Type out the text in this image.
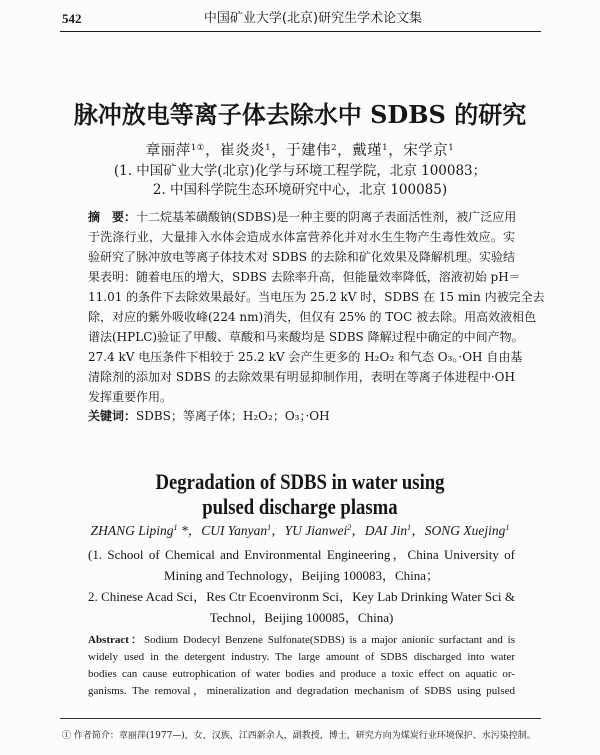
542	中国矿业大学(北京)研究生学术论文集
脉冲放电等离子体去除水中 SDBS 的研究
章丽萍$^{1①}$，崔炎炎$^1$，于建伟$^2$，戴瑾$^1$，宋学京$^1$
(1. 中国矿业大学(北京)化学与环境工程学院，北京 100083；
2. 中国科学院生态环境研究中心，北京 100085)
摘　要：十二烷基苯磺酸钠(SDBS)是一种主要的阴离子表面活性剂，被广泛应用
于洗涤行业，大量排入水体会造成水体富营养化并对水生生物产生毒性效应。实
验研究了脉冲放电等离子体技术对 SDBS 的去除和矿化效果及降解机理。实验结
果表明：随着电压的增大，SDBS 去除率升高，但能量效率降低，溶液初始 pH＝
11.01 的条件下去除效果最好。当电压为 25.2 kV 时，SDBS 在 15 min 内被完全去
除，对应的紫外吸收峰(224 nm)消失，但仅有 25% 的 TOC 被去除。用高效液相色
谱法(HPLC)验证了甲酸、草酸和马来酸均是 SDBS 降解过程中确定的中间产物。
27.4 kV 电压条件下相较于 25.2 kV 会产生更多的 H₂O₂ 和气态 O₃。·OH 自由基
清除剂的添加对 SDBS 的去除效果有明显抑制作用，表明在等离子体进程中·OH
发挥重要作用。
关键词：SDBS；等离子体；H₂O₂；O₃；·OH
Degradation of SDBS in water using
pulsed discharge plasma
ZHANG Liping$^1$ *，CUI Yanyan$^1$，YU Jianwei$^2$，DAI Jin$^1$，SONG Xuejing$^1$
(1. School of Chemical and Environmental Engineering，China University of
Mining and Technology，Beijing 100083，China；
2. Chinese Acad Sci，Res Ctr Ecoenvironm Sci，Key Lab Drinking Water Sci &
Technol，Beijing 100085，China)
Abstract：Sodium Dodecyl Benzene Sulfonate(SDBS) is a major anionic surfactant and is
widely used in the detergent industry. The large amount of SDBS discharged into water
bodies can cause eutrophication of water bodies and produce a toxic effect on aquatic or-
ganisms. The removal，mineralization and degradation mechanism of SDBS using pulsed
① 作者简介：章丽萍(1977—)，女，汉族，江西新余人，副教授，博士，研究方向为煤炭行业环境保护、水污染控制。
